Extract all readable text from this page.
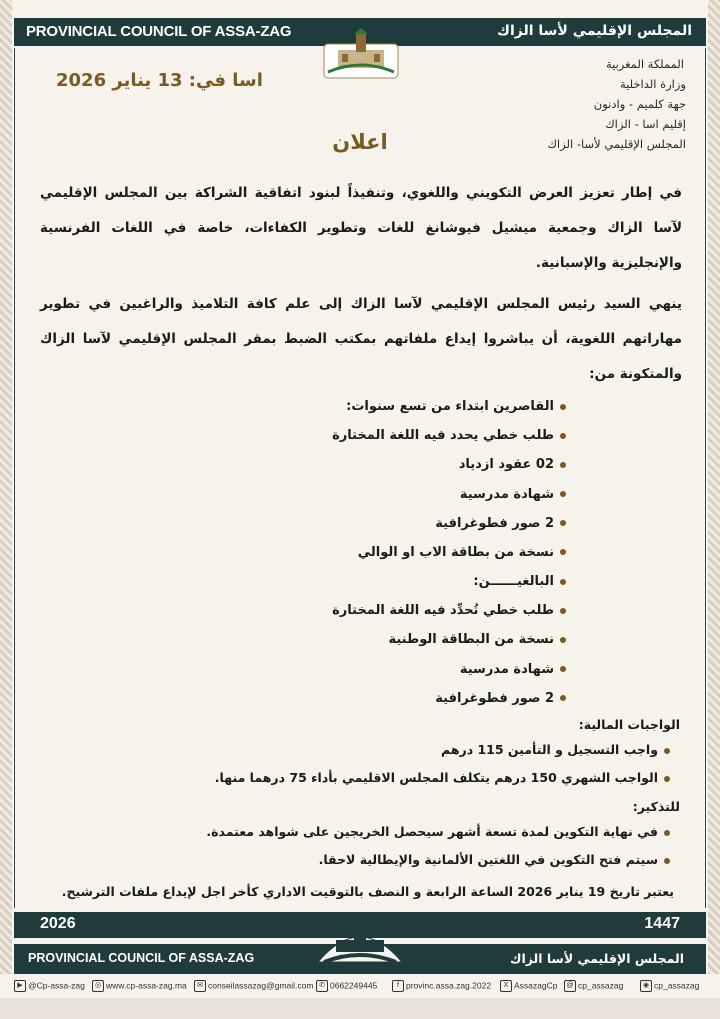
PROVINCIAL COUNCIL OF ASSA-ZAG	المجلس الإقليمي لأسا الزاك
المملكة المغربية
وزارة الداخلية
جهة كلميم - وادنون
إقليم اسا - الزاك
المجلس الإقليمي لأسا- الزاك
اسا في: 13 يناير 2026
اعلان
في إطار تعزيز العرض التكويني واللغوي، وتنفيذاً لبنود اتفاقية الشراكة بين المجلس الإقليمي لآسا الزاك وجمعية ميشيل فيوشانغ للغات وتطوير الكفاءات، خاصة في اللغات الفرنسية والإنجليزية والإسبانية.
ينهي السيد رئيس المجلس الإقليمي لآسا الزاك إلى علم كافة التلاميذ والراغبين في تطوير مهاراتهم اللغوية، أن يباشروا إيداع ملفاتهم بمكتب الضبط بمقر المجلس الإقليمي لآسا الزاك والمتكونة من:
القاصرين ابتداء من تسع سنوات:
طلب خطي يحدد فيه اللغة المختارة
02 عقود ازدياد
شهادة مدرسية
2 صور فطوغرافية
نسخة من بطاقة الاب او الوالي
البالغيــــــن:
طلب خطي تُحدِّد فيه اللغة المختارة
نسخة من البطاقة الوطنية
شهادة مدرسية
2 صور فطوغرافية
الواجبات المالية:
واجب التسجيل و التأمين 115 درهم
الواجب الشهري 150 درهم يتكلف المجلس الاقليمي بأداء 75 درهما منها.
للتذكير:
في نهاية التكوين لمدة تسعة أشهر سيحصل الخريجين على شواهد معتمدة.
سيتم فتح التكوين في اللغتين الألمانية والإيطالية لاحقا.
يعتبر تاريخ 19 يناير 2026 الساعة الرابعة و النصف بالتوقيت الاداري كأخر اجل لإيداع ملفات الترشيح.
2026	1447
PROVINCIAL COUNCIL OF ASSA-ZAG	المجلس الإقليمي لأسا الزاك
▶ @Cp-assa-zag	◎ www.cp-assa-zag.ma	✉ conseilassazag@gmail.com ✆ 0662249445	f provinc.assa.zag.2022	X AssazagCp	@ cp_assazag	◉ cp_assazag
